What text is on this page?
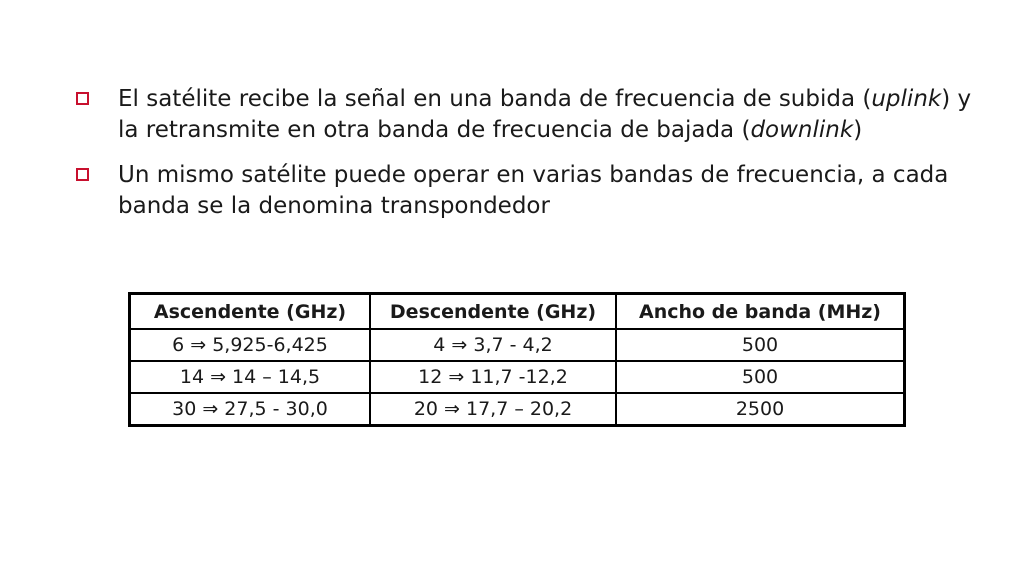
El satélite recibe la señal en una banda de frecuencia de subida (uplink) y la retransmite en otra banda de frecuencia de bajada (downlink)
Un mismo satélite puede operar en varias bandas de frecuencia, a cada banda se la denomina transpondedor
Ascendente (GHz)	Descendente (GHz)	Ancho de banda (MHz)
6 ⇒ 5,925-6,425	4 ⇒ 3,7 - 4,2	500
14 ⇒ 14 – 14,5	12 ⇒ 11,7 -12,2	500
30 ⇒ 27,5 - 30,0	20 ⇒ 17,7 – 20,2	2500
